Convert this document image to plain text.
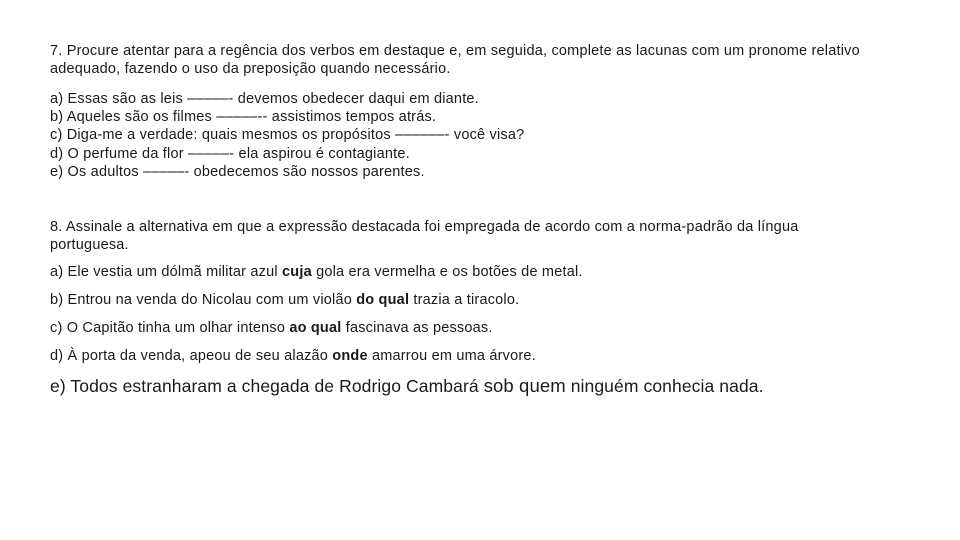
7. Procure atentar para a regência dos verbos em destaque e, em seguida, complete as lacunas com um pronome relativo adequado, fazendo o uso da preposição quando necessário.

a) Essas são as leis –––––- devemos obedecer daqui em diante.
b) Aqueles são os filmes –––––-- assistimos tempos atrás.
c) Diga-me a verdade: quais mesmos os propósitos ––––––- você visa?
d) O perfume da flor –––––- ela aspirou é contagiante.
e) Os adultos –––––- obedecemos são nossos parentes.

8. Assinale a alternativa em que a expressão destacada foi empregada de acordo com a norma-padrão da língua portuguesa.

a) Ele vestia um dólmã militar azul cuja gola era vermelha e os botões de metal.
b) Entrou na venda do Nicolau com um violão do qual trazia a tiracolo.
c) O Capitão tinha um olhar intenso ao qual fascinava as pessoas.
d) À porta da venda, apeou de seu alazão onde amarrou em uma árvore.
e) Todos estranharam a chegada de Rodrigo Cambará sob quem ninguém conhecia nada.
